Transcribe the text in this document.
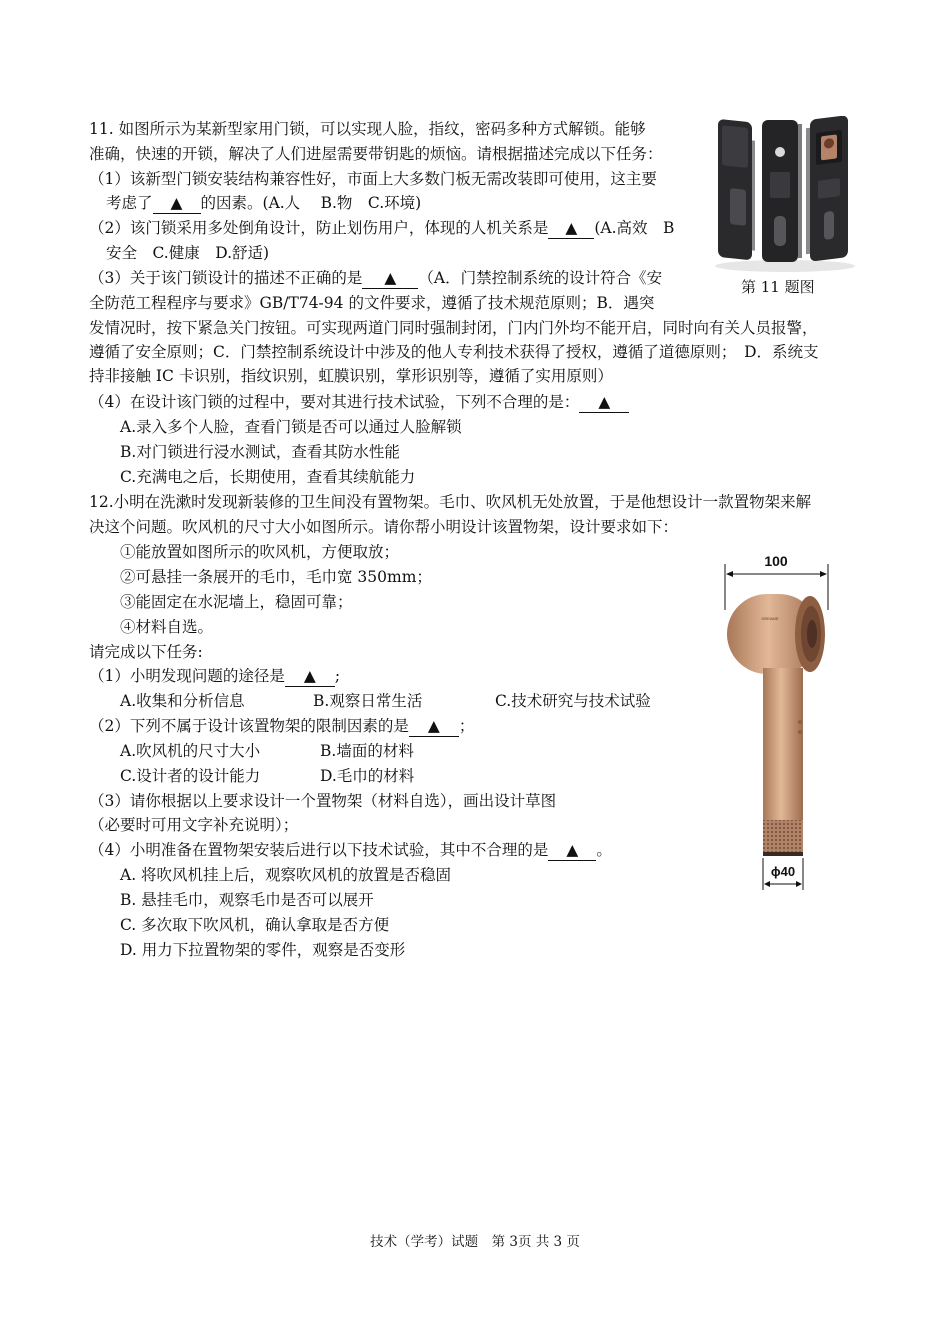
11. 如图所示为某新型家用门锁，可以实现人脸，指纹，密码多种方式解锁。能够
准确，快速的开锁，解决了人们进屋需要带钥匙的烦恼。请根据描述完成以下任务：
（1）该新型门锁安装结构兼容性好，市面上大多数门板无需改装即可使用，这主要
考虑了 ▲ 的因素。(A.人　 B.物　C.环境)
（2）该门锁采用多处倒角设计，防止划伤用户，体现的人机关系是 ▲ (A.高效　B
安全　C.健康　D.舒适)
（3）关于该门锁设计的描述不正确的是 ▲ （A．门禁控制系统的设计符合《安
全防范工程程序与要求》GB/T74-94 的文件要求，遵循了技术规范原则；B．遇突
发情况时，按下紧急关门按钮。可实现两道门同时强制封闭，门内门外均不能开启，同时向有关人员报警，
遵循了安全原则；C．门禁控制系统设计中涉及的他人专利技术获得了授权，遵循了道德原则；　D．系统支
持非接触 IC 卡识别，指纹识别，虹膜识别，掌形识别等，遵循了实用原则）
（4）在设计该门锁的过程中，要对其进行技术试验，下列不合理的是： ▲
A.录入多个人脸，查看门锁是否可以通过人脸解锁
B.对门锁进行浸水测试，查看其防水性能
C.充满电之后，长期使用，查看其续航能力
第 11 题图
12.小明在洗漱时发现新装修的卫生间没有置物架。毛巾、吹风机无处放置，于是他想设计一款置物架来解
决这个问题。吹风机的尺寸大小如图所示。请你帮小明设计该置物架，设计要求如下：
①能放置如图所示的吹风机，方便取放；
②可悬挂一条展开的毛巾，毛巾宽 350mm；
③能固定在水泥墙上，稳固可靠；
④材料自选。
请完成以下任务:
（1）小明发现问题的途径是 ▲ ;
A.收集和分析信息	B.观察日常生活	C.技术研究与技术试验
（2）下列不属于设计该置物架的限制因素的是 ▲ ；
A.吹风机的尺寸大小	B.墙面的材料
C.设计者的设计能力	D.毛巾的材料
（3）请你根据以上要求设计一个置物架（材料自选），画出设计草图
（必要时可用文字补充说明）；
（4）小明准备在置物架安装后进行以下技术试验，其中不合理的是 ▲ 。
A. 将吹风机挂上后，观察吹风机的放置是否稳固
B. 悬挂毛巾，观察毛巾是否可以展开
C. 多次取下吹风机，确认拿取是否方便
D. 用力下拉置物架的零件，观察是否变形
100
DREAME
ϕ40
技术（学考）试题　第 3页 共 3 页
